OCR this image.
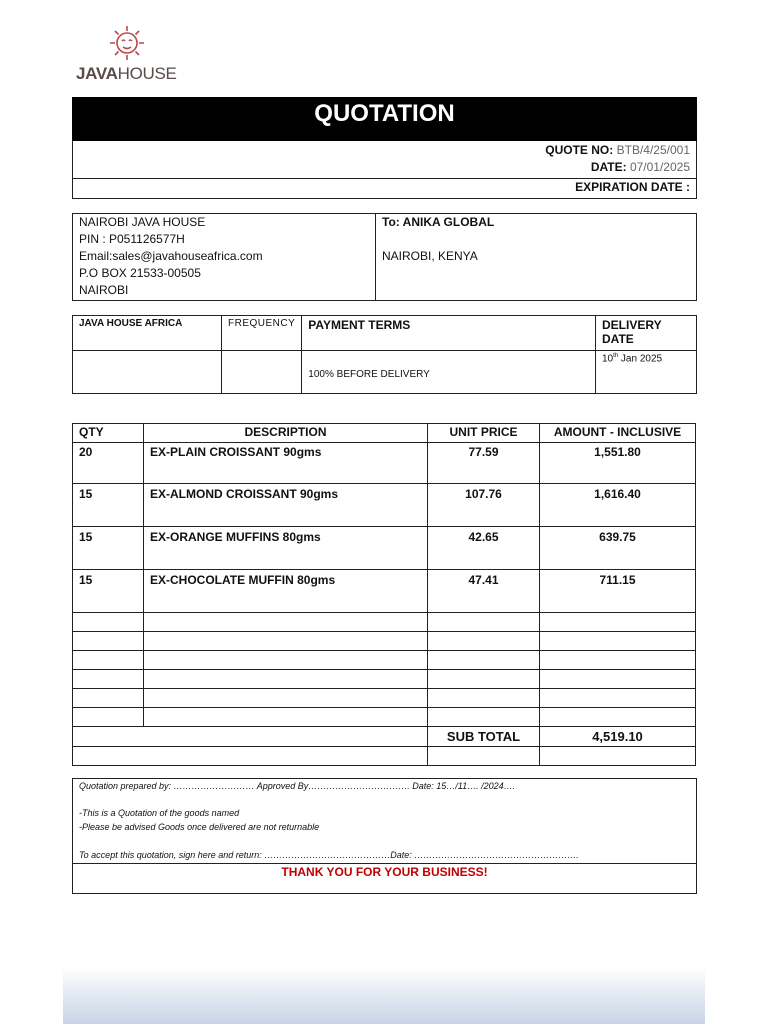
JAVAHOUSE
QUOTATION
QUOTE NO: BTB/4/25/001
DATE: 07/01/2025
EXPIRATION DATE :
NAIROBI JAVA HOUSE
PIN : P051126577H
Email:sales@javahouseafrica.com
P.O BOX 21533-00505
NAIROBI

To: ANIKA GLOBAL
NAIROBI, KENYA
JAVA HOUSE AFRICA	FREQUENCY	PAYMENT TERMS	DELIVERY DATE
		100% BEFORE DELIVERY	10th Jan 2025
QTY	DESCRIPTION	UNIT PRICE	AMOUNT - INCLUSIVE
20	EX-PLAIN CROISSANT 90gms	77.59	1,551.80
15	EX-ALMOND CROISSANT 90gms	107.76	1,616.40
15	EX-ORANGE MUFFINS 80gms	42.65	639.75
15	EX-CHOCOLATE MUFFIN 80gms	47.41	711.15

		SUB TOTAL	4,519.10

Quotation prepared by: ……………………… Approved By……………………………. Date: 15…/11…. /2024….
-This is a Quotation of the goods named
-Please be advised Goods once delivered are not returnable
To accept this quotation, sign here and return: ……………………………………Date: ……………………………………………….
THANK YOU FOR YOUR BUSINESS!
